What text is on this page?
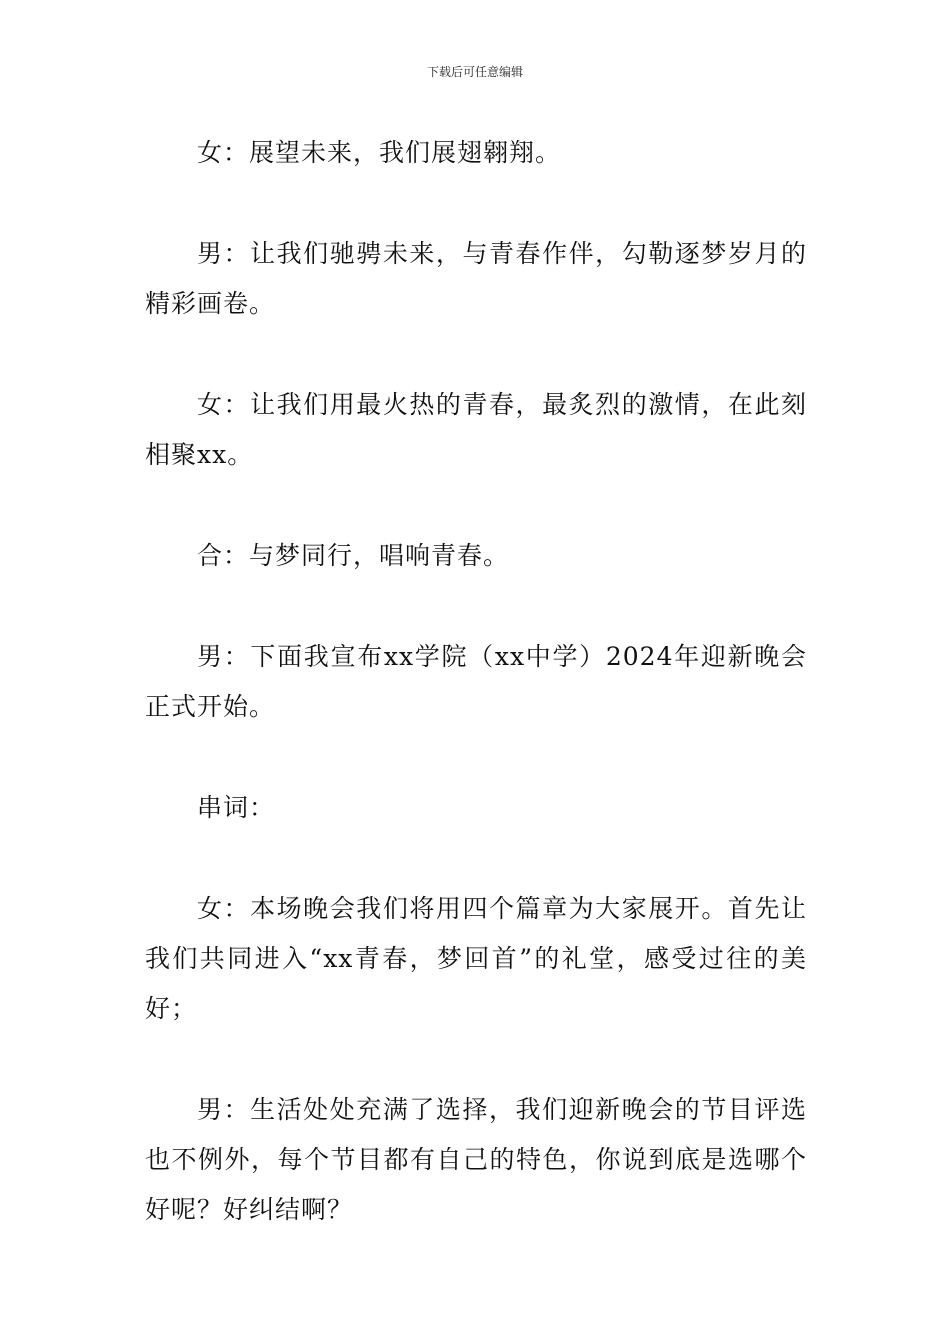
下载后可任意编辑

女：展望未来，我们展翅翱翔。

男：让我们驰骋未来，与青春作伴，勾勒逐梦岁月的精彩画卷。

女：让我们用最火热的青春，最炙烈的激情，在此刻相聚xx。

合：与梦同行，唱响青春。

男：下面我宣布xx学院（xx中学）2024年迎新晚会正式开始。

串词：

女：本场晚会我们将用四个篇章为大家展开。首先让我们共同进入“xx青春，梦回首”的礼堂，感受过往的美好；

男：生活处处充满了选择，我们迎新晚会的节目评选也不例外，每个节目都有自己的特色，你说到底是选哪个好呢？好纠结啊？
